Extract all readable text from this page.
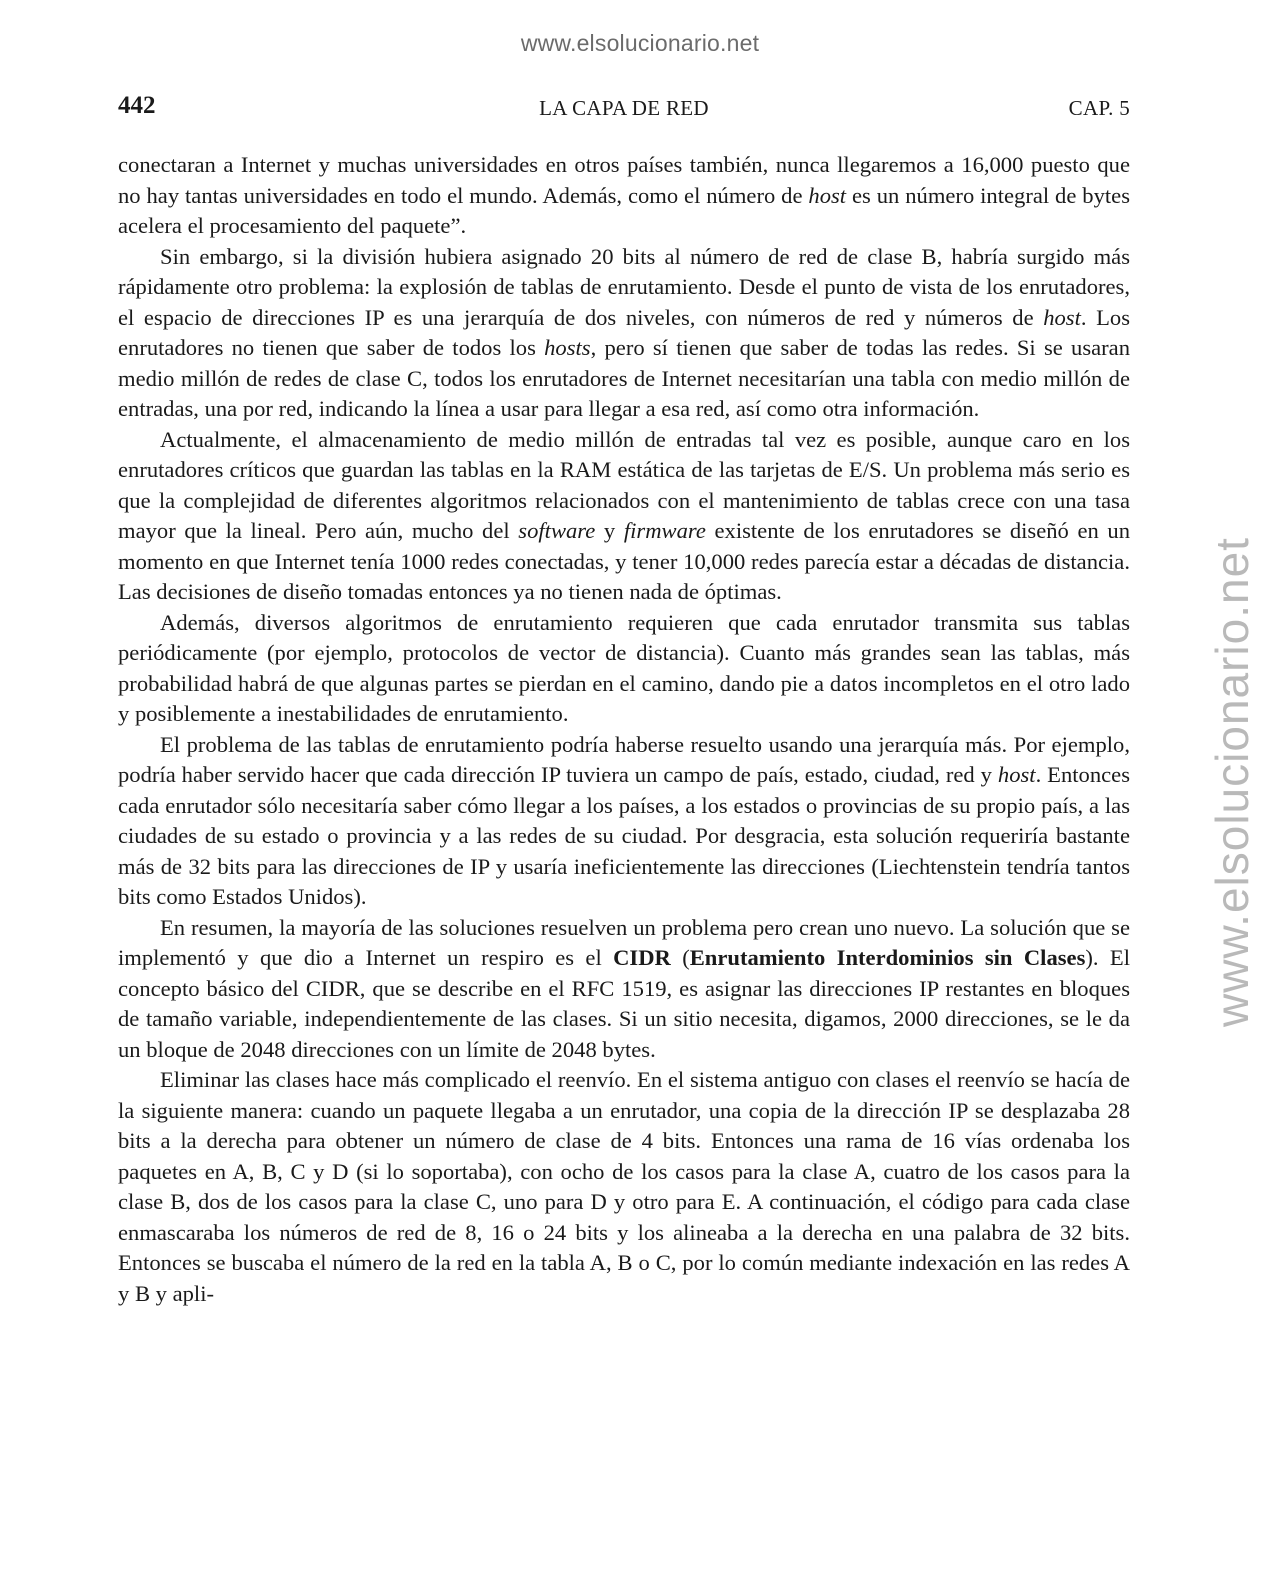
www.elsolucionario.net
www.elsolucionario.net
LA CAPA DE RED
442	CAP. 5

conectaran a Internet y muchas universidades en otros países también, nunca llegaremos a 16,000 puesto que no hay tantas universidades en todo el mundo. Además, como el número de host es un número integral de bytes acelera el procesamiento del paquete”.

Sin embargo, si la división hubiera asignado 20 bits al número de red de clase B, habría surgido más rápidamente otro problema: la explosión de tablas de enrutamiento. Desde el punto de vista de los enrutadores, el espacio de direcciones IP es una jerarquía de dos niveles, con números de red y números de host. Los enrutadores no tienen que saber de todos los hosts, pero sí tienen que saber de todas las redes. Si se usaran medio millón de redes de clase C, todos los enrutadores de Internet necesitarían una tabla con medio millón de entradas, una por red, indicando la línea a usar para llegar a esa red, así como otra información.

Actualmente, el almacenamiento de medio millón de entradas tal vez es posible, aunque caro en los enrutadores críticos que guardan las tablas en la RAM estática de las tarjetas de E/S. Un problema más serio es que la complejidad de diferentes algoritmos relacionados con el mantenimiento de tablas crece con una tasa mayor que la lineal. Pero aún, mucho del software y firmware existente de los enrutadores se diseñó en un momento en que Internet tenía 1000 redes conectadas, y tener 10,000 redes parecía estar a décadas de distancia. Las decisiones de diseño tomadas entonces ya no tienen nada de óptimas.

Además, diversos algoritmos de enrutamiento requieren que cada enrutador transmita sus tablas periódicamente (por ejemplo, protocolos de vector de distancia). Cuanto más grandes sean las tablas, más probabilidad habrá de que algunas partes se pierdan en el camino, dando pie a datos incompletos en el otro lado y posiblemente a inestabilidades de enrutamiento.

El problema de las tablas de enrutamiento podría haberse resuelto usando una jerarquía más. Por ejemplo, podría haber servido hacer que cada dirección IP tuviera un campo de país, estado, ciudad, red y host. Entonces cada enrutador sólo necesitaría saber cómo llegar a los países, a los estados o provincias de su propio país, a las ciudades de su estado o provincia y a las redes de su ciudad. Por desgracia, esta solución requeriría bastante más de 32 bits para las direcciones de IP y usaría ineficientemente las direcciones (Liechtenstein tendría tantos bits como Estados Unidos).

En resumen, la mayoría de las soluciones resuelven un problema pero crean uno nuevo. La solución que se implementó y que dio a Internet un respiro es el CIDR (Enrutamiento Interdominios sin Clases). El concepto básico del CIDR, que se describe en el RFC 1519, es asignar las direcciones IP restantes en bloques de tamaño variable, independientemente de las clases. Si un sitio necesita, digamos, 2000 direcciones, se le da un bloque de 2048 direcciones con un límite de 2048 bytes.

Eliminar las clases hace más complicado el reenvío. En el sistema antiguo con clases el reenvío se hacía de la siguiente manera: cuando un paquete llegaba a un enrutador, una copia de la dirección IP se desplazaba 28 bits a la derecha para obtener un número de clase de 4 bits. Entonces una rama de 16 vías ordenaba los paquetes en A, B, C y D (si lo soportaba), con ocho de los casos para la clase A, cuatro de los casos para la clase B, dos de los casos para la clase C, uno para D y otro para E. A continuación, el código para cada clase enmascaraba los números de red de 8, 16 o 24 bits y los alineaba a la derecha en una palabra de 32 bits. Entonces se buscaba el número de la red en la tabla A, B o C, por lo común mediante indexación en las redes A y B y apli-
